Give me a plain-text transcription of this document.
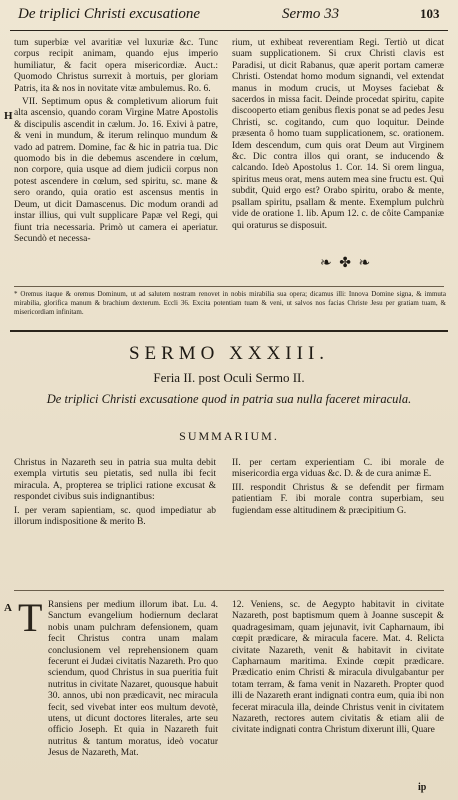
De triplici Christi excusatione	Sermo 33	103

tum superbiæ vel avaritiæ vel luxuriæ &c. Tunc corpus recipit animam, quando ejus imperio humiliatur, & facit opera misericordiæ. Auct.: Quomodo Christus surrexit à mortuis, per gloriam Patris, ita & nos in novitate vitæ ambulemus. Ro. 6.

VII. Septimum opus & completivum aliorum fuit alta ascensio, quando coram Virgine Matre Apostolis & discipulis ascendit in cælum. Jo. 16. Exivi à patre, & veni in mundum, & iterum relinquo mundum & vado ad patrem. Domine, fac & hic in patria tua. Dic quomodo bis in die debemus ascendere in cœlum, non corpore, quia usque ad diem judicii corpus non potest ascendere in cœlum, sed spiritu, sc. mane & sero orando, quia oratio est ascensus mentis in Deum, ut dicit Damascenus. Dic modum orandi ad instar illius, qui vult supplicare Papæ vel Regi, qui fiunt tria necessaria. Primò ut camera ei aperiatur. Secundò et necessa-

H

rium, ut exhibeat reverentiam Regi. Tertiò ut dicat suam supplicationem. Si crux Christi clavis est Paradisi, ut dicit Rabanus, quæ aperit portam cameræ Christi. Ostendat homo modum signandi, vel extendat manus in modum crucis, ut Moyses faciebat & sacerdos in missa facit. Deinde procedat spiritu, capite discooperto etiam genibus flexis ponat se ad pedes Jesu Christi, sc. cogitando, cum quo loquitur. Deinde præsenta ô homo tuam supplicationem, sc. orationem. Idem descendum, cum quis orat Deum aut Virginem &c. Dic contra illos qui orant, se inducendo & calcando. Ideò Apostolus 1. Cor. 14. Si orem lingua, spiritus meus orat, mens autem mea sine fructu est. Quì subdit, Quid ergo est? Orabo spiritu, orabo & mente, psallam spiritu, psallam & mente. Exemplum pulchrù vide de oratione 1. lib. Apum 12. c. de côite Campaniæ qui oraturus se disposuit.

❧ ✤ ❧
* Oremus itaque & oremus Dominum, ut ad salutem nostram renovet in nobis mirabilia sua opera; dicamus illi: Innova Domine signa, & immuta mirabilia, glorifica manum & brachium dexterum. Eccli 36. Excita potentiam tuam & veni, ut salvos nos facias Christe Jesu per gratiam tuam, & misericordiam infinitam.
SERMO XXXIII.
Feria II. post Oculi Sermo II.
De triplici Christi excusatione quod in patria sua nulla faceret miracula.
SUMMARIUM.

Christus in Nazareth seu in patria sua multa debit exempla virtutis seu pietatis, sed nulla ibi fecit miracula. A, propterea se triplici ratione excusat & respondet civibus suis indignantibus:

I. per veram sapientiam, sc. quod impediatur ab illorum indispositione & merito B.

II. per certam experientiam C. ibi morale de misericordia erga viduas &c. D. & de cura animæ E.

III. respondit Christus & se defendit per firmam patientiam F. ibi morale contra superbiam, seu fugiendam esse altitudinem & præcipitium G.

A T Ransiens per medium illorum ibat. Lu. 4. Sanctum evangelium hodiernum declarat nobis unam pulchram defensionem, quam fecit Christus contra unam malam conclusionem vel reprehensionem quam fecerunt ei Judæi civitatis Nazareth. Pro quo sciendum, quod Christus in sua pueritia fuit nutritus in civitate Nazaret, quousque habuit 30. annos, ubi non prædicavit, nec miracula fecit, sed vivebat inter eos multum devotè, utens, ut dicunt doctores literales, arte seu officio Joseph. Et quia in Nazareth fuit nutritus & tantum moratus, ideò vocatur Jesus de Nazareth, Mat.

12. Veniens, sc. de Aegypto habitavit in civitate Nazareth, post baptismum quem à Joanne suscepit & quadragesimam, quam jejunavit, ivit Capharnaum, ibi cœpit prædicare, & miracula facere. Mat. 4. Relicta civitate Nazareth, venit & habitavit in civitate Capharnaum maritima. Exinde cœpit prædicare. Prædicatio enim Christi & miracula divulgabantur per totam terram, & fama venit in Nazareth. Propter quod illi de Nazareth erant indignati contra eum, quia ibi non fecerat miracula illa, deinde Christus venit in civitatem Nazareth, rectores autem civitatis & etiam alii de civitate indignati contra Christum dixerunt illi, Quare

ip
